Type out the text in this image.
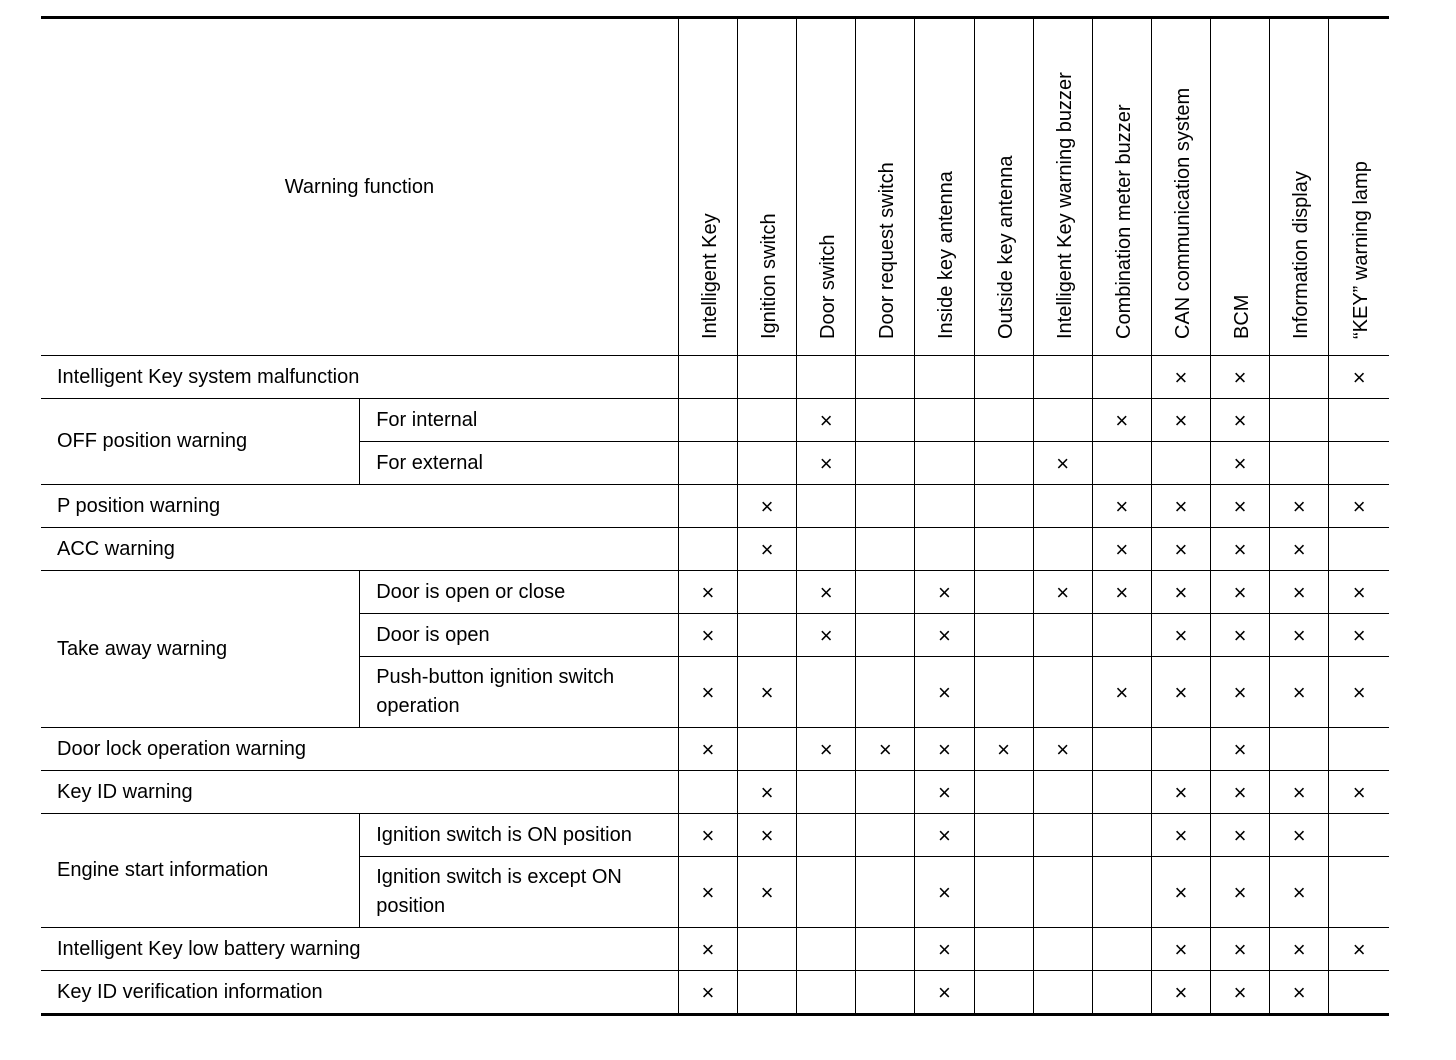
Warning function		Intelligent Key	Ignition switch	Door switch	Door request switch	Inside key antenna	Outside key antenna	Intelligent Key warning buzzer	Combination meter buzzer	CAN communication system	BCM	Information display	“KEY” warning lamp

Intelligent Key system malfunction										×	×		×
OFF position warning	For internal			×					×	×	×		
	For external			×				×			×		
P position warning			×						×	×	×	×	×
ACC warning			×						×	×	×	×	
Take away warning	Door is open or close	×		×		×		×	×	×	×	×	×
	Door is open	×		×		×				×	×	×	×
	Push-button ignition switch operation	×	×			×			×	×	×	×	×
Door lock operation warning		×		×	×	×	×	×			×		
Key ID warning			×			×				×	×	×	×
Engine start information	Ignition switch is ON position	×	×			×				×	×	×	
	Ignition switch is except ON position	×	×			×				×	×	×	
Intelligent Key low battery warning		×				×				×	×	×	×
Key ID verification information		×				×				×	×	×	
